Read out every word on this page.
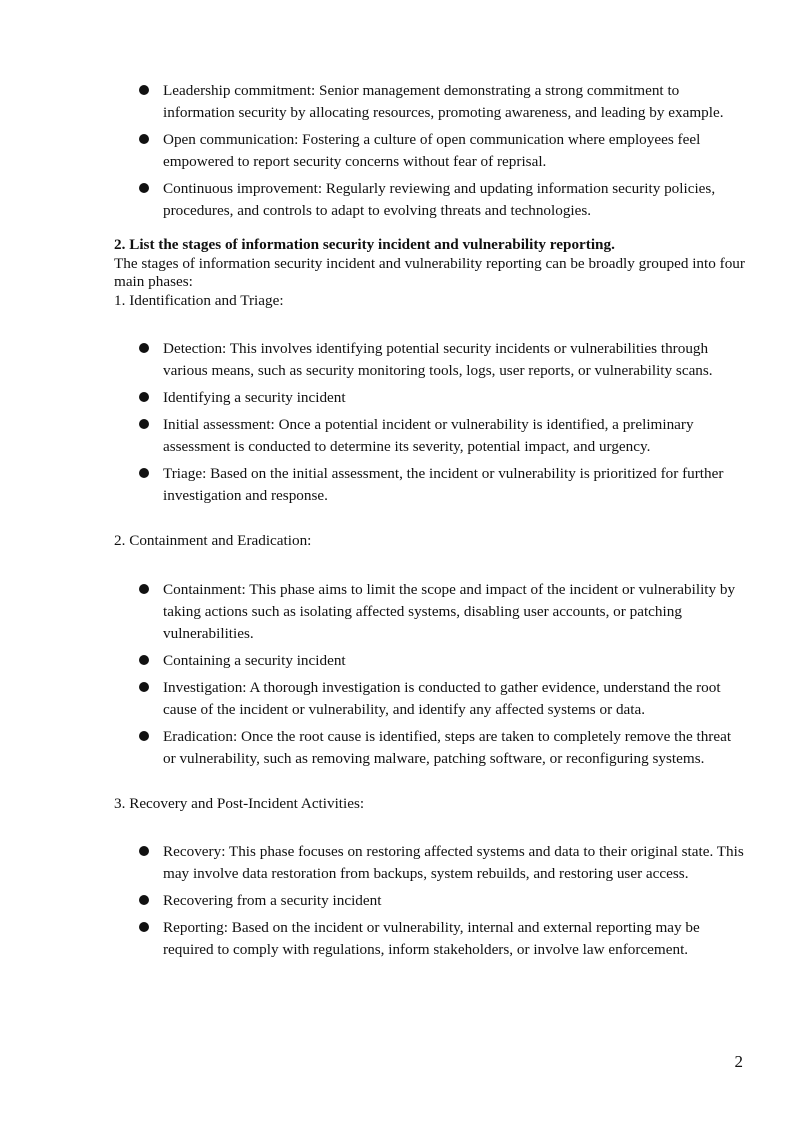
Leadership commitment: Senior management demonstrating a strong commitment to information security by allocating resources, promoting awareness, and leading by example.
Open communication: Fostering a culture of open communication where employees feel empowered to report security concerns without fear of reprisal.
Continuous improvement: Regularly reviewing and updating information security policies, procedures, and controls to adapt to evolving threats and technologies.
2. List the stages of information security incident and vulnerability reporting.

The stages of information security incident and vulnerability reporting can be broadly grouped into four main phases:

1. Identification and Triage:

Detection: This involves identifying potential security incidents or vulnerabilities through various means, such as security monitoring tools, logs, user reports, or vulnerability scans.
Identifying a security incident
Initial assessment: Once a potential incident or vulnerability is identified, a preliminary assessment is conducted to determine its severity, potential impact, and urgency.
Triage: Based on the initial assessment, the incident or vulnerability is prioritized for further investigation and response.

2. Containment and Eradication:

Containment: This phase aims to limit the scope and impact of the incident or vulnerability by taking actions such as isolating affected systems, disabling user accounts, or patching vulnerabilities.
Containing a security incident
Investigation: A thorough investigation is conducted to gather evidence, understand the root cause of the incident or vulnerability, and identify any affected systems or data.
Eradication: Once the root cause is identified, steps are taken to completely remove the threat or vulnerability, such as removing malware, patching software, or reconfiguring systems.

3. Recovery and Post-Incident Activities:

Recovery: This phase focuses on restoring affected systems and data to their original state. This may involve data restoration from backups, system rebuilds, and restoring user access.
Recovering from a security incident
Reporting: Based on the incident or vulnerability, internal and external reporting may be required to comply with regulations, inform stakeholders, or involve law enforcement.
2
